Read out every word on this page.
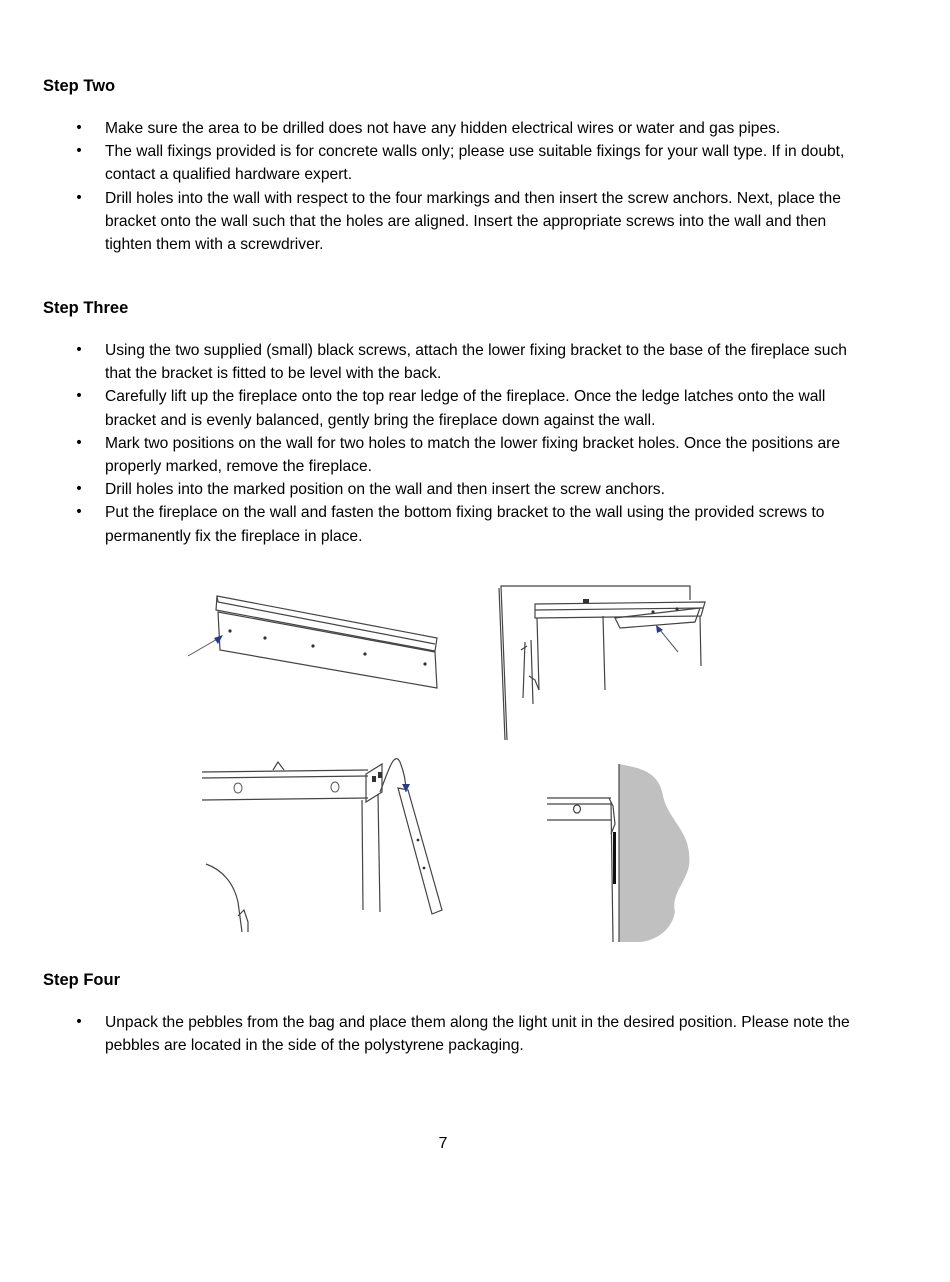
Step Two
• Make sure the area to be drilled does not have any hidden electrical wires or water and gas pipes.
• The wall fixings provided is for concrete walls only; please use suitable fixings for your wall type. If in doubt, contact a qualified hardware expert.
• Drill holes into the wall with respect to the four markings and then insert the screw anchors. Next, place the bracket onto the wall such that the holes are aligned. Insert the appropriate screws into the wall and then tighten them with a screwdriver.
Step Three
• Using the two supplied (small) black screws, attach the lower fixing bracket to the base of the fireplace such that the bracket is fitted to be level with the back.
• Carefully lift up the fireplace onto the top rear ledge of the fireplace. Once the ledge latches onto the wall bracket and is evenly balanced, gently bring the fireplace down against the wall.
• Mark two positions on the wall for two holes to match the lower fixing bracket holes. Once the positions are properly marked, remove the fireplace.
• Drill holes into the marked position on the wall and then insert the screw anchors.
• Put the fireplace on the wall and fasten the bottom fixing bracket to the wall using the provided screws to permanently fix the fireplace in place.
Step Four
• Unpack the pebbles from the bag and place them along the light unit in the desired position. Please note the pebbles are located in the side of the polystyrene packaging.
7
